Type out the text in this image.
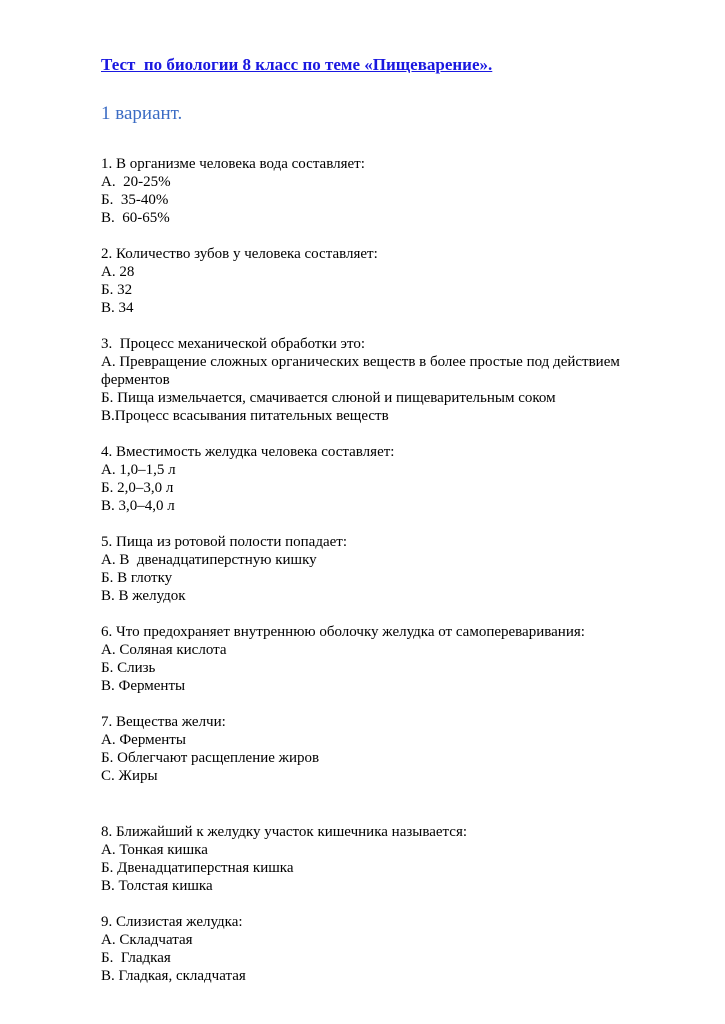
Тест  по биологии 8 класс по теме «Пищеварение».
1 вариант.

1. В организме человека вода составляет:

А.  20-25%

Б.  35-40%

В.  60-65%

2. Количество зубов у человека составляет:

А. 28

Б. 32

В. 34

3.  Процесс механической обработки это:

А. Превращение сложных органических веществ в более простые под действием ферментов

Б. Пища измельчается, смачивается слюной и пищеварительным соком

В.Процесс всасывания питательных веществ

4. Вместимость желудка человека составляет:

А. 1,0–1,5 л

Б. 2,0–3,0 л

В. 3,0–4,0 л

5. Пища из ротовой полости попадает:

А. В  двенадцатиперстную кишку

Б. В глотку

В. В желудок

6. Что предохраняет внутреннюю оболочку желудка от самопереваривания:

А. Соляная кислота

Б. Слизь

В. Ферменты

7. Вещества желчи:

А. Ферменты

Б. Облегчают расщепление жиров

С. Жиры

8. Ближайший к желудку участок кишечника называется:

А. Тонкая кишка

Б. Двенадцатиперстная кишка

В. Толстая кишка

9. Слизистая желудка:

А. Складчатая

Б.  Гладкая

В. Гладкая, складчатая
